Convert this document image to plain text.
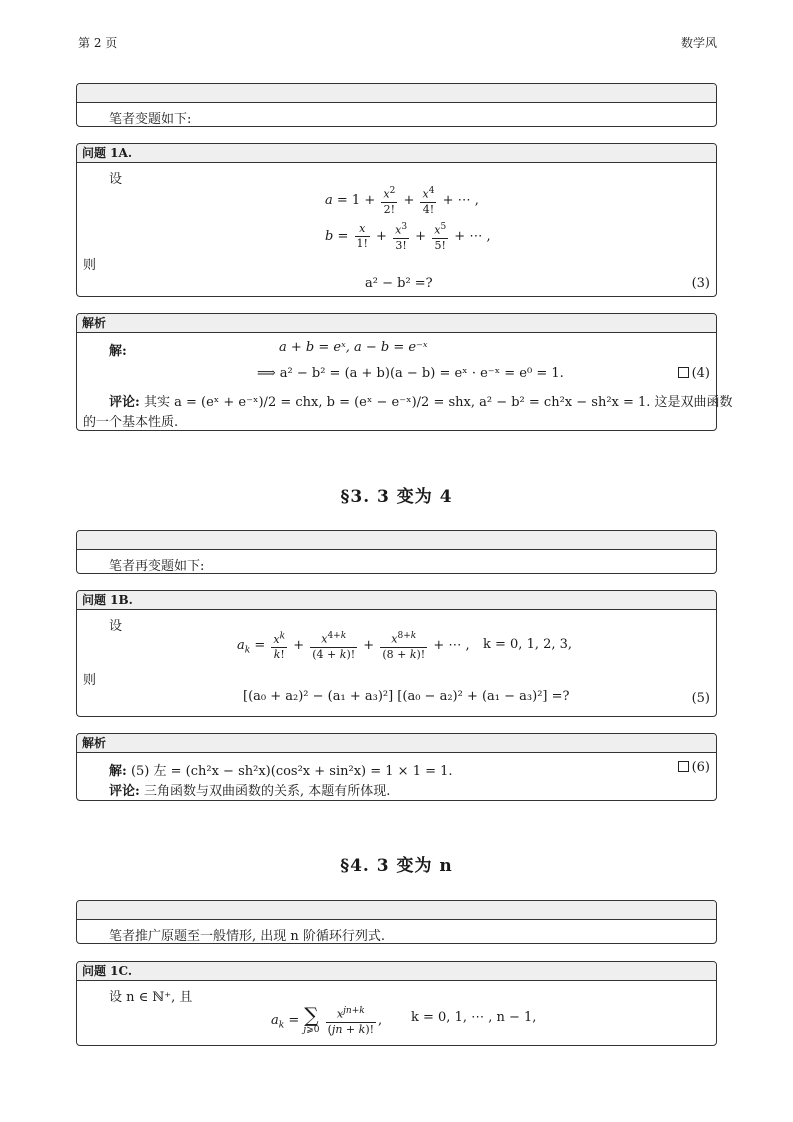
第 2 页	数学风
笔者变题如下:
问题 1A.
设
$a = 1 + \frac{x^2}{2!} + \frac{x^4}{4!}$ + ⋯ ,
$b = \frac{x}{1!} + \frac{x^3}{3!} + \frac{x^5}{5!}$ + ⋯ ,
则
a² − b² =?	(3)
解析
解:	a + b = eˣ, a − b = e⁻ˣ
⟹ a² − b² = (a + b)(a − b) = eˣ · e⁻ˣ = e⁰ = 1.	(4)
评论: 其实 a = (eˣ + e⁻ˣ)/2 = chx, b = (eˣ − e⁻ˣ)/2 = shx, a² − b² = ch²x − sh²x = 1. 这是双曲函数
的一个基本性质.
§3. 3 变为 4
笔者再变题如下:
问题 1B.
设
$a_k = \frac{x^k}{k!} + \frac{x^{4+k}}{(4 + k)!} + \frac{x^{8+k}}{(8 + k)!}$ + ⋯ , k = 0, 1, 2, 3,
则
[(a₀ + a₂)² − (a₁ + a₃)²] [(a₀ − a₂)² + (a₁ − a₃)²] =?	(5)
解析
解: (5) 左 = (ch²x − sh²x)(cos²x + sin²x) = 1 × 1 = 1.	(6)
评论: 三角函数与双曲函数的关系, 本题有所体现.
§4. 3 变为 n
笔者推广原题至一般情形, 出现 n 阶循环行列式.
问题 1C.
设 n ∈ ℕ⁺, 且
$a_k$ = ∑
j⩾0
$\frac{x^{jn+k}}{(jn + k)!}$ , k = 0, 1, ⋯ , n − 1,
